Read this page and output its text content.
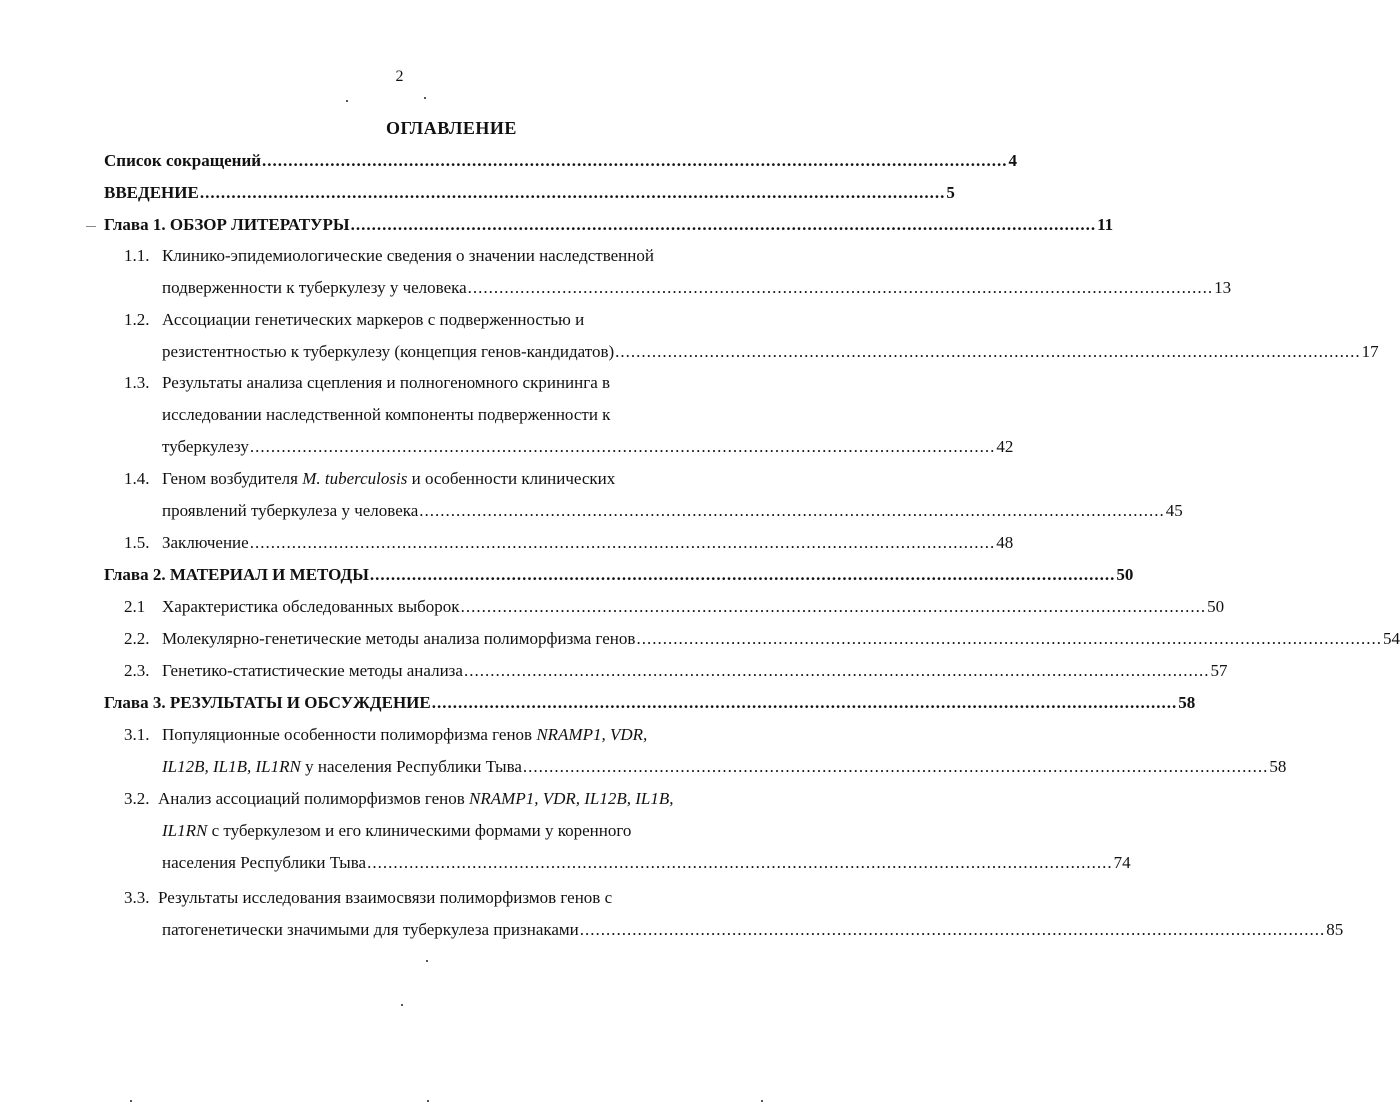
2
ОГЛАВЛЕНИЕ
Список сокращений .............................................................................................................................................. 4
ВВЕДЕНИЕ .............................................................................................................................................. 5
Глава 1. ОБЗОР ЛИТЕРАТУРЫ .............................................................................................................................................. 11
1.1. Клинико-эпидемиологические сведения о значении наследственной
подверженности к туберкулезу у человека .............................................................................................................................................. 13
1.2. Ассоциации генетических маркеров с подверженностью и
резистентностью к туберкулезу (концепция генов-кандидатов) .............................................................................................................................................. 17
1.3. Результаты анализа сцепления и полногеномного скрининга в
исследовании наследственной компоненты подверженности к
туберкулезу .............................................................................................................................................. 42
1.4. Геном возбудителя M. tuberculosis и особенности клинических
проявлений туберкулеза у человека .............................................................................................................................................. 45
1.5. Заключение .............................................................................................................................................. 48
Глава 2. МАТЕРИАЛ И МЕТОДЫ .............................................................................................................................................. 50
2.1 Характеристика обследованных выборок .............................................................................................................................................. 50
2.2. Молекулярно-генетические методы анализа полиморфизма генов .............................................................................................................................................. 54
2.3. Генетико-статистические методы анализа .............................................................................................................................................. 57
Глава 3. РЕЗУЛЬТАТЫ И ОБСУЖДЕНИЕ .............................................................................................................................................. 58
3.1. Популяционные особенности полиморфизма генов NRAMP1, VDR,
IL12B, IL1B, IL1RN у населения Республики Тыва .............................................................................................................................................. 58
3.2. Анализ ассоциаций полиморфизмов генов NRAMP1, VDR, IL12B, IL1B,
IL1RN с туберкулезом и его клиническими формами у коренного
населения Республики Тыва .............................................................................................................................................. 74
3.3. Результаты исследования взаимосвязи полиморфизмов генов с
патогенетически значимыми для туберкулеза признаками .............................................................................................................................................. 85
